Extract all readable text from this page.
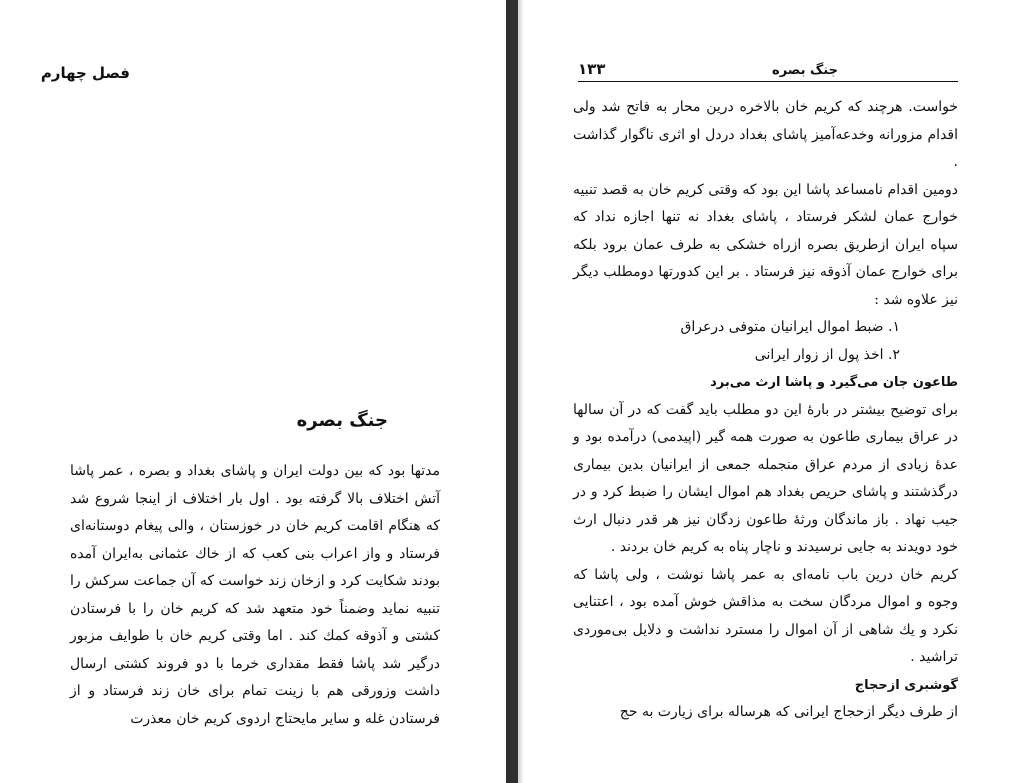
فصل چهارم
جنگ بصره
مدتها بود که بین دولت ایران و پاشای بغداد و بصره ، عمر پاشا آتش اختلاف بالا گرفته بود . اول بار اختلاف از اینجا شروع شد که هنگام اقامت کریم خان در خوزستان ، والی پیغام دوستانه‌ای فرستاد و واز اعراب بنی کعب که از خاك عثمانی به‌ایران آمده بودند شکایت کرد و ازخان زند خواست که آن جماعت سرکش را تنبیه نماید وضمناً خود متعهد شد که کریم خان را با فرستادن کشتی و آذوقه کمك کند . اما وقتی کریم خان با طوایف مزبور درگیر شد پاشا فقط مقداری خرما با دو فروند کشتی ارسال داشت وزورقی هم با زینت تمام برای خان زند فرستاد و از فرستادن غله و سایر مایحتاج اردوی کریم خان معذرت
۱۳۳	جنگ بصره

خواست. هرچند که کریم خان بالاخره درین محار به فاتح شد ولی اقدام مزورانه وخدعه‌آمیز پاشای بغداد دردل او اثری ناگوار گذاشت .

دومین اقدام نامساعد پاشا این بود که وقتی کریم خان به قصد تنبیه خوارج عمان لشکر فرستاد ، پاشای بغداد نه تنها اجازه نداد که سپاه ایران ازطریق بصره ازراه خشکی به طرف عمان برود بلکه برای خوارج عمان آذوقه نیز فرستاد . بر این کدورتها دومطلب دیگر نیز علاوه شد :

۱. ضبط اموال ایرانیان متوفی درعراق

۲. اخذ پول از زوار ایرانی

طاعون جان می‌گیرد و پاشا ارث می‌برد

برای توضیح بیشتر در بارهٔ این دو مطلب باید گفت که در آن سالها در عراق بیماری طاعون به صورت همه گیر (اپیدمی) درآمده بود و عدهٔ زیادی از مردم عراق منجمله جمعی از ایرانیان بدین بیماری درگذشتند و پاشای حریص بغداد هم اموال ایشان را ضبط کرد و در جیب نهاد . باز ماندگان ورثهٔ طاعون زدگان نیز هر قدر دنبال ارث خود دویدند به جایی نرسیدند و ناچار پناه به کریم خان بردند .

کریم خان درین باب نامه‌ای به عمر پاشا نوشت ، ولی پاشا که وجوه و اموال مردگان سخت به مذاقش خوش آمده بود ، اعتنایی نکرد و یك شاهی از آن اموال را مسترد نداشت و دلایل بی‌موردی تراشید .

گوشبری ازحجاج

از طرف دیگر ازحجاج ایرانی که هرساله برای زیارت به حج
